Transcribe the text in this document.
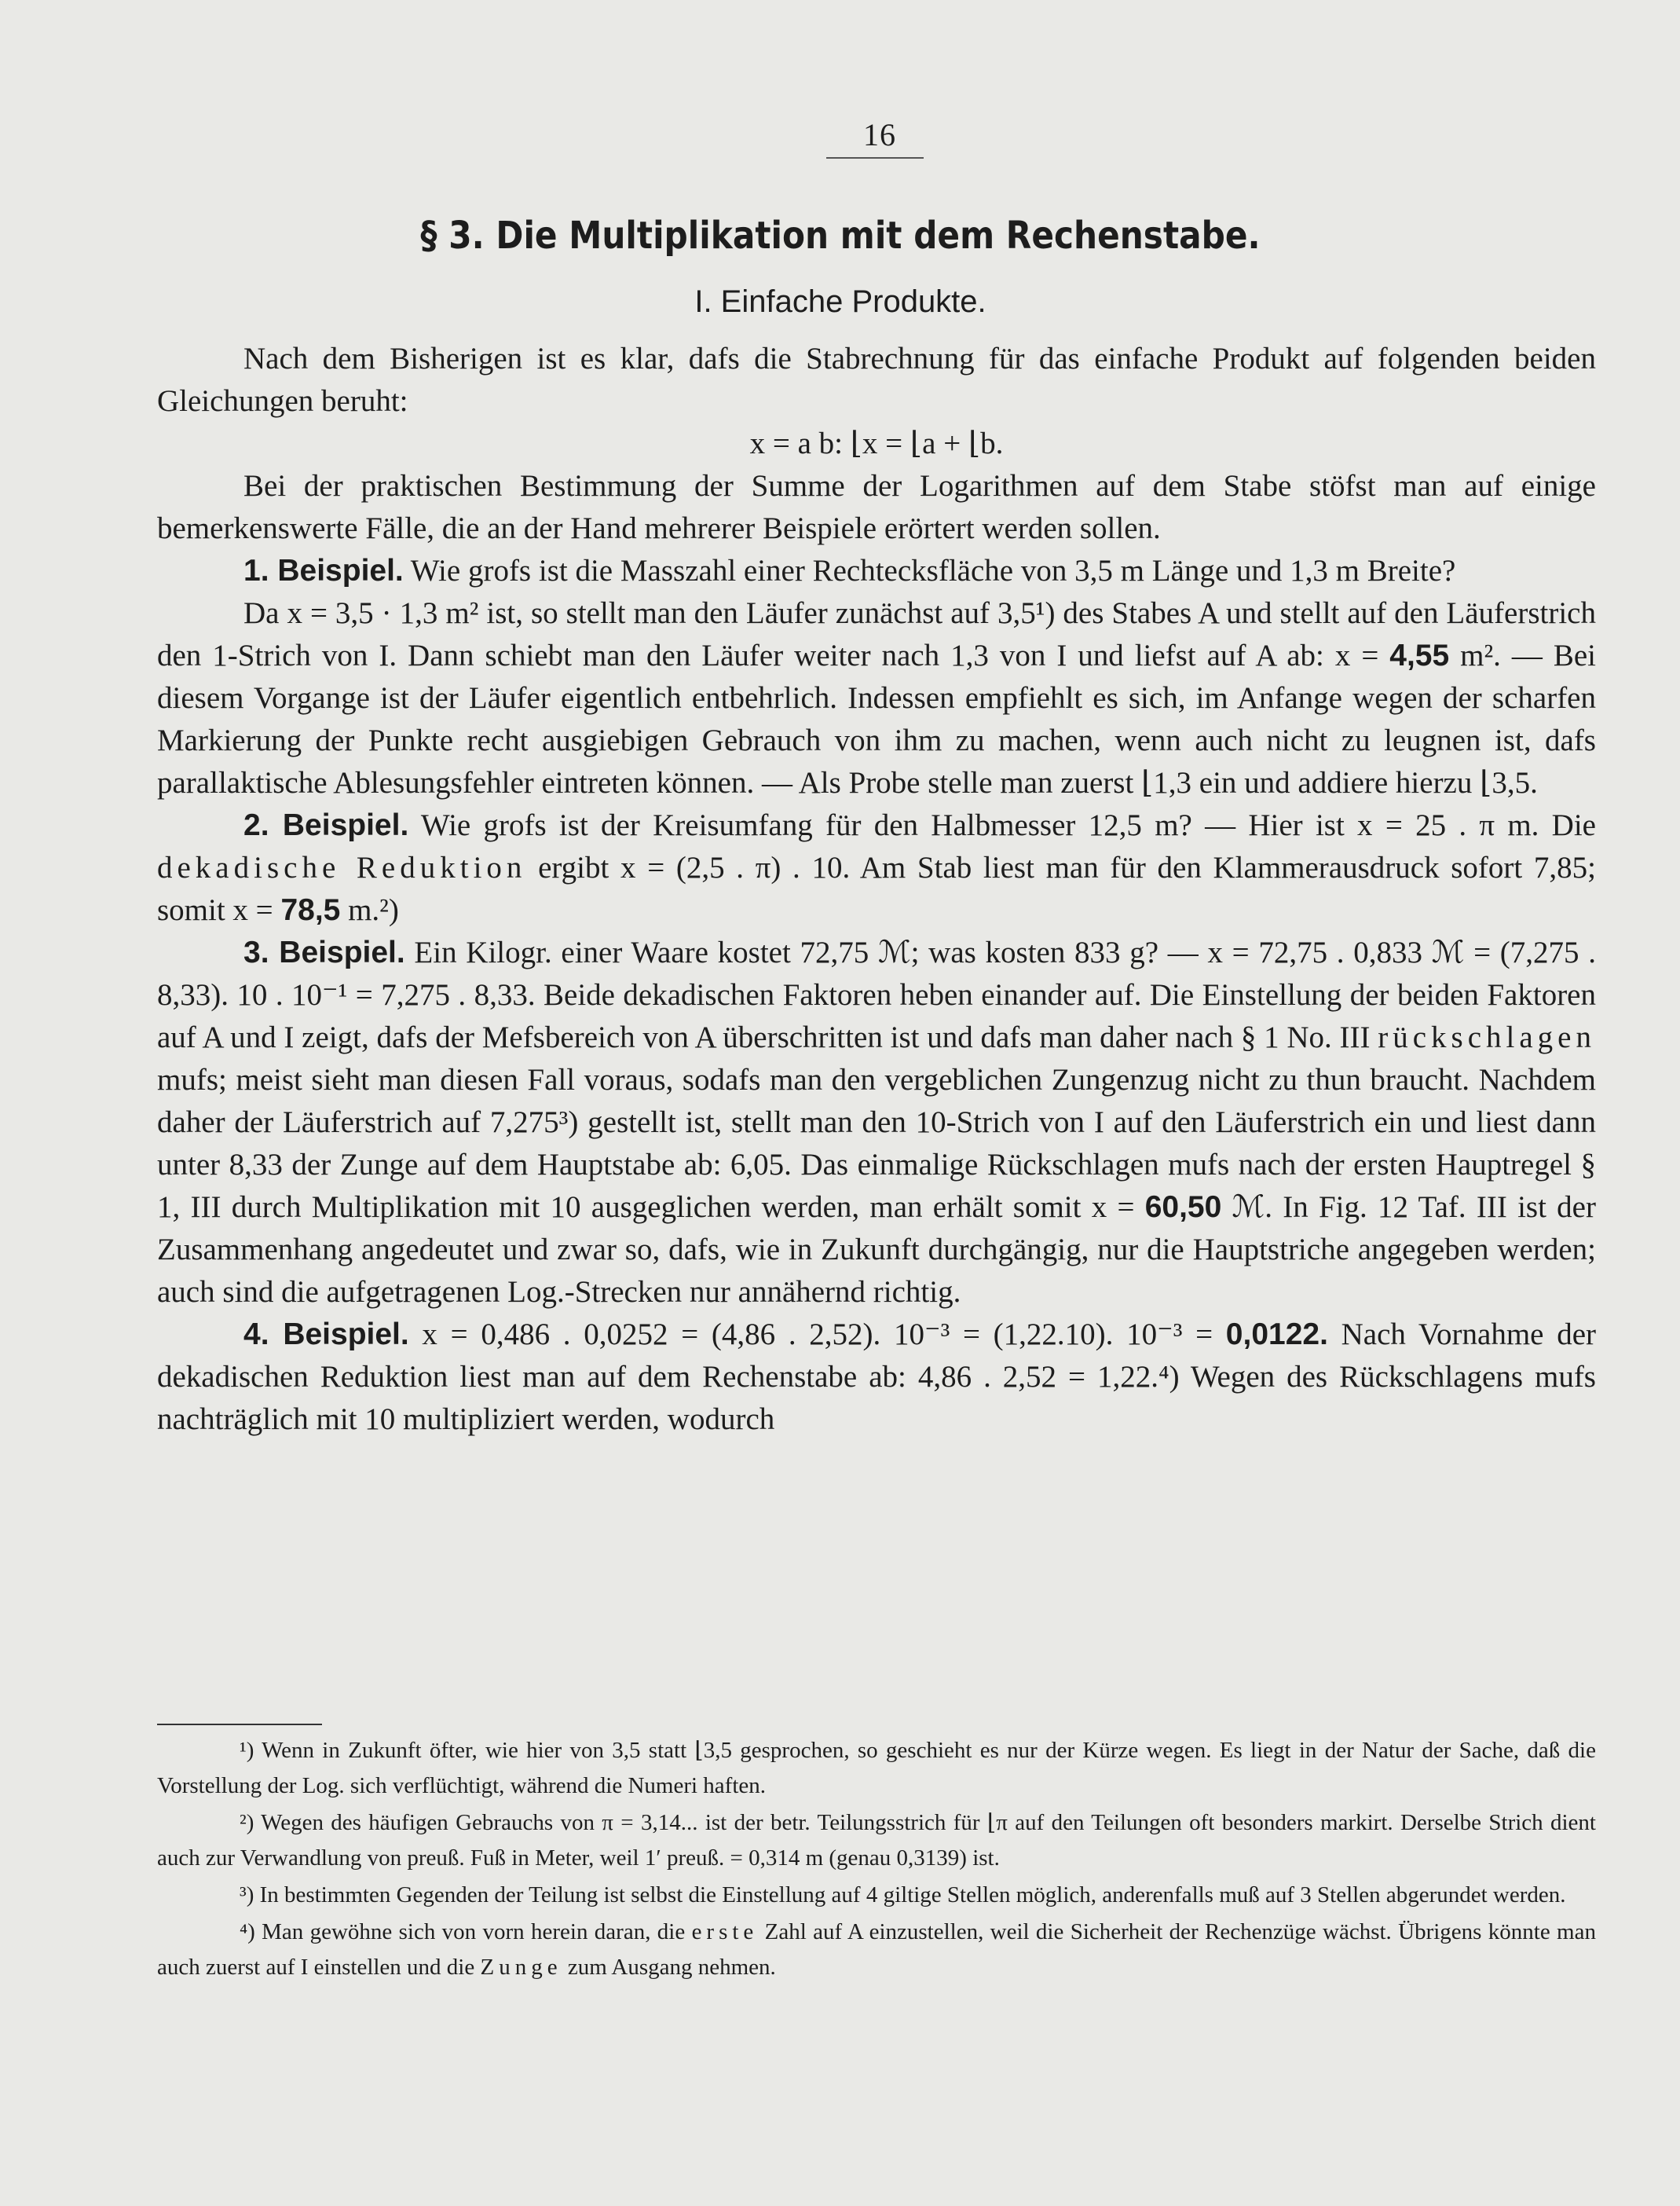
16
§ 3. Die Multiplikation mit dem Rechenstabe.
I. Einfache Produkte.

Nach dem Bisherigen ist es klar, dafs die Stabrechnung für das einfache Produkt auf folgenden beiden Gleichungen beruht:

x = a b: ⌊x = ⌊a + ⌊b.

Bei der praktischen Bestimmung der Summe der Logarithmen auf dem Stabe stöfst man auf einige bemerkenswerte Fälle, die an der Hand mehrerer Beispiele erörtert werden sollen.

1. Beispiel. Wie grofs ist die Masszahl einer Rechtecksfläche von 3,5 m Länge und 1,3 m Breite?

Da x = 3,5 · 1,3 m² ist, so stellt man den Läufer zunächst auf 3,5¹) des Stabes A und stellt auf den Läuferstrich den 1-Strich von I. Dann schiebt man den Läufer weiter nach 1,3 von I und liefst auf A ab: x = 4,55 m². — Bei diesem Vorgange ist der Läufer eigentlich entbehrlich. Indessen empfiehlt es sich, im Anfange wegen der scharfen Markierung der Punkte recht ausgiebigen Gebrauch von ihm zu machen, wenn auch nicht zu leugnen ist, dafs parallaktische Ablesungsfehler eintreten können. — Als Probe stelle man zuerst ⌊1,3 ein und addiere hierzu ⌊3,5.

2. Beispiel. Wie grofs ist der Kreisumfang für den Halbmesser 12,5 m? — Hier ist x = 25 . π m. Die dekadische Reduktion ergibt x = (2,5 . π) . 10. Am Stab liest man für den Klammerausdruck sofort 7,85; somit x = 78,5 m.²)

3. Beispiel. Ein Kilogr. einer Waare kostet 72,75 ℳ; was kosten 833 g? — x = 72,75 . 0,833 ℳ = (7,275 . 8,33). 10 . 10⁻¹ = 7,275 . 8,33. Beide dekadischen Faktoren heben einander auf. Die Einstellung der beiden Faktoren auf A und I zeigt, dafs der Mefsbereich von A überschritten ist und dafs man daher nach § 1 No. III rückschlagen mufs; meist sieht man diesen Fall voraus, sodafs man den vergeblichen Zungenzug nicht zu thun braucht. Nachdem daher der Läuferstrich auf 7,275³) gestellt ist, stellt man den 10-Strich von I auf den Läuferstrich ein und liest dann unter 8,33 der Zunge auf dem Hauptstabe ab: 6,05. Das einmalige Rückschlagen mufs nach der ersten Hauptregel § 1, III durch Multiplikation mit 10 ausgeglichen werden, man erhält somit x = 60,50 ℳ. In Fig. 12 Taf. III ist der Zusammenhang angedeutet und zwar so, dafs, wie in Zukunft durchgängig, nur die Hauptstriche angegeben werden; auch sind die aufgetragenen Log.-Strecken nur annähernd richtig.

4. Beispiel. x = 0,486 . 0,0252 = (4,86 . 2,52). 10⁻³ = (1,22.10). 10⁻³ = 0,0122. Nach Vornahme der dekadischen Reduktion liest man auf dem Rechenstabe ab: 4,86 . 2,52 = 1,22.⁴) Wegen des Rückschlagens mufs nachträglich mit 10 multipliziert werden, wodurch

¹) Wenn in Zukunft öfter, wie hier von 3,5 statt ⌊3,5 gesprochen, so geschieht es nur der Kürze wegen. Es liegt in der Natur der Sache, daß die Vorstellung der Log. sich verflüchtigt, während die Numeri haften.

²) Wegen des häufigen Gebrauchs von π = 3,14... ist der betr. Teilungsstrich für ⌊π auf den Teilungen oft besonders markirt. Derselbe Strich dient auch zur Verwandlung von preuß. Fuß in Meter, weil 1′ preuß. = 0,314 m (genau 0,3139) ist.

³) In bestimmten Gegenden der Teilung ist selbst die Einstellung auf 4 giltige Stellen möglich, anderenfalls muß auf 3 Stellen abgerundet werden.

⁴) Man gewöhne sich von vorn herein daran, die erste Zahl auf A einzustellen, weil die Sicherheit der Rechenzüge wächst. Übrigens könnte man auch zuerst auf I einstellen und die Zunge zum Ausgang nehmen.
